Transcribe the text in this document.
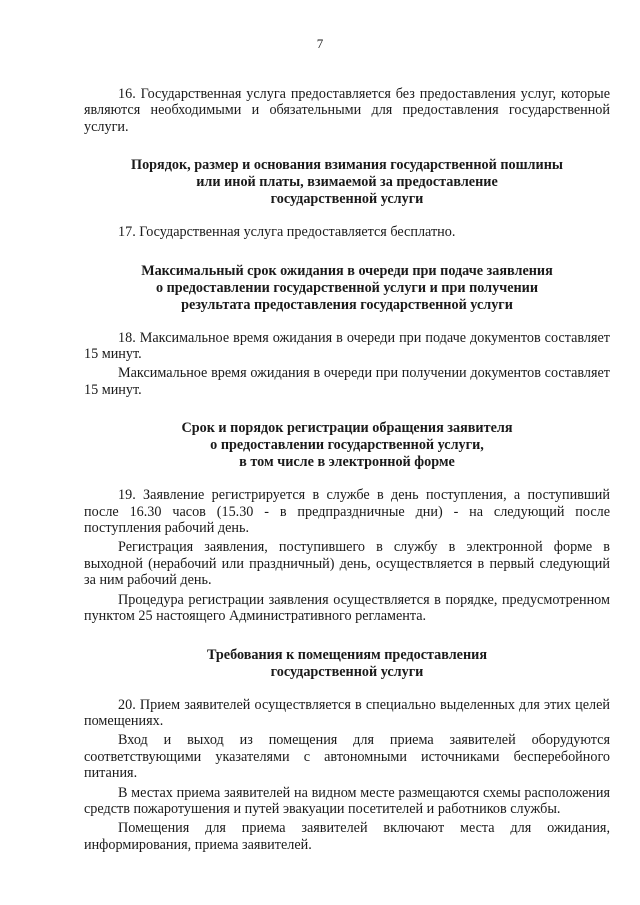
7

16. Государственная услуга предоставляется без предоставления услуг, которые являются необходимыми и обязательными для предоставления государственной услуги.

Порядок, размер и основания взимания государственной пошлины
или иной платы, взимаемой за предоставление
государственной услуги

17. Государственная услуга предоставляется бесплатно.

Максимальный срок ожидания в очереди при подаче заявления
о предоставлении государственной услуги и при получении
результата предоставления государственной услуги

18. Максимальное время ожидания в очереди при подаче документов составляет 15 минут.

Максимальное время ожидания в очереди при получении документов составляет 15 минут.

Срок и порядок регистрации обращения заявителя
о предоставлении государственной услуги,
в том числе в электронной форме

19. Заявление регистрируется в службе в день поступления, а поступивший после 16.30 часов (15.30 - в предпраздничные дни) - на следующий после поступления рабочий день.

Регистрация заявления, поступившего в службу в электронной форме в выходной (нерабочий или праздничный) день, осуществляется в первый следующий за ним рабочий день.

Процедура регистрации заявления осуществляется в порядке, предусмотренном пунктом 25 настоящего Административного регламента.

Требования к помещениям предоставления
государственной услуги

20. Прием заявителей осуществляется в специально выделенных для этих целей помещениях.

Вход и выход из помещения для приема заявителей оборудуются соответствующими указателями с автономными источниками бесперебойного питания.

В местах приема заявителей на видном месте размещаются схемы расположения средств пожаротушения и путей эвакуации посетителей и работников службы.

Помещения для приема заявителей включают места для ожидания, информирования, приема заявителей.
